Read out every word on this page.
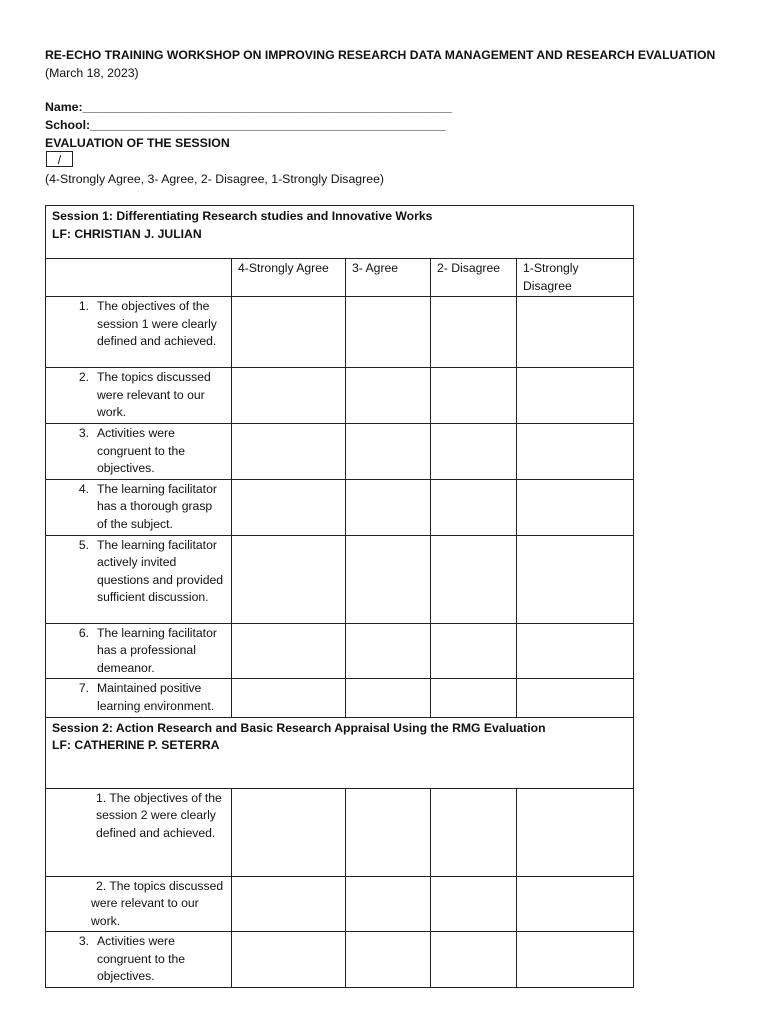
RE-ECHO TRAINING WORKSHOP ON IMPROVING RESEARCH DATA MANAGEMENT AND RESEARCH EVALUATION
(March 18, 2023)
Name:______________________________________________________
School:____________________________________________________
EVALUATION OF THE SESSION
/
(4-Strongly Agree, 3- Agree, 2- Disagree, 1-Strongly Disagree)
Session 1: Differentiating Research studies and Innovative Works
LF: CHRISTIAN J. JULIAN				

	4-Strongly Agree	3- Agree	2- Disagree	1-Strongly Disagree

1. The objectives of the session 1 were clearly defined and achieved.				

2. The topics discussed were relevant to our work.				

3. Activities were congruent to the objectives.				

4. The learning facilitator has a thorough grasp of the subject.				

5. The learning facilitator actively invited questions and provided sufficient discussion.				

6. The learning facilitator has a professional demeanor.				

7. Maintained positive learning environment.				

Session 2: Action Research and Basic Research Appraisal Using the RMG Evaluation
LF: CATHERINE P. SETERRA				

1. The objectives of the session 2 were clearly defined and achieved.				

2. The topics discussed were relevant to our work.				

3. Activities were congruent to the objectives.				
